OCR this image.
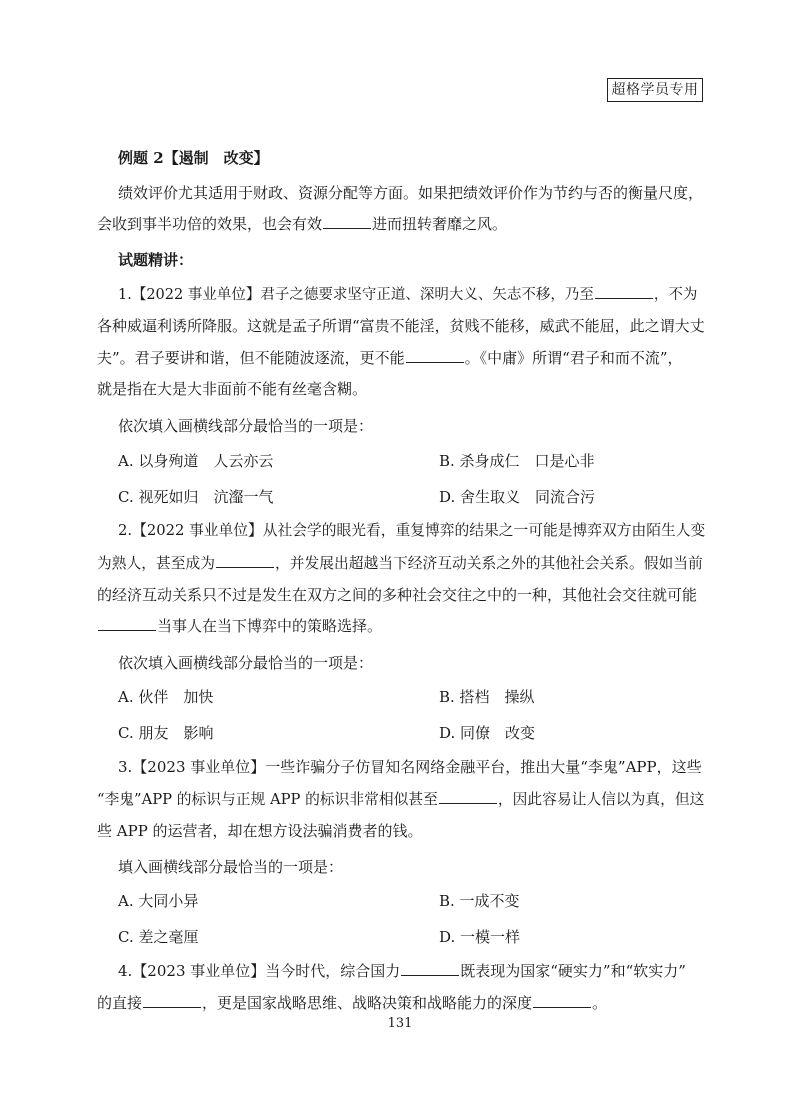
超格学员专用
例题 2【遏制　改变】
绩效评价尤其适用于财政、资源分配等方面。如果把绩效评价作为节约与否的衡量尺度，
会收到事半功倍的效果，也会有效	进而扭转奢靡之风。
试题精讲：
1.【2022 事业单位】君子之德要求坚守正道、深明大义、矢志不移，乃至	，不为
各种威逼利诱所降服。这就是孟子所谓“富贵不能淫，贫贱不能移，威武不能屈，此之谓大丈
夫”。君子要讲和谐，但不能随波逐流，更不能	。《中庸》所谓“君子和而不流”，
就是指在大是大非面前不能有丝毫含糊。
依次填入画横线部分最恰当的一项是：
A. 以身殉道　人云亦云	B. 杀身成仁　口是心非
C. 视死如归　沆瀣一气	D. 舍生取义　同流合污
2.【2022 事业单位】从社会学的眼光看，重复博弈的结果之一可能是博弈双方由陌生人变
为熟人，甚至成为	，并发展出超越当下经济互动关系之外的其他社会关系。假如当前
的经济互动关系只不过是发生在双方之间的多种社会交往之中的一种，其他社会交往就可能
当事人在当下博弈中的策略选择。
依次填入画横线部分最恰当的一项是：
A. 伙伴　加快	B. 搭档　操纵
C. 朋友　影响	D. 同僚　改变
3.【2023 事业单位】一些诈骗分子仿冒知名网络金融平台，推出大量“李鬼”APP，这些
“李鬼”APP 的标识与正规 APP 的标识非常相似甚至	，因此容易让人信以为真，但这
些 APP 的运营者，却在想方设法骗消费者的钱。
填入画横线部分最恰当的一项是：
A. 大同小异	B. 一成不变
C. 差之毫厘	D. 一模一样
4.【2023 事业单位】当今时代，综合国力	既表现为国家“硬实力”和“软实力”
的直接	，更是国家战略思维、战略决策和战略能力的深度	。
131
